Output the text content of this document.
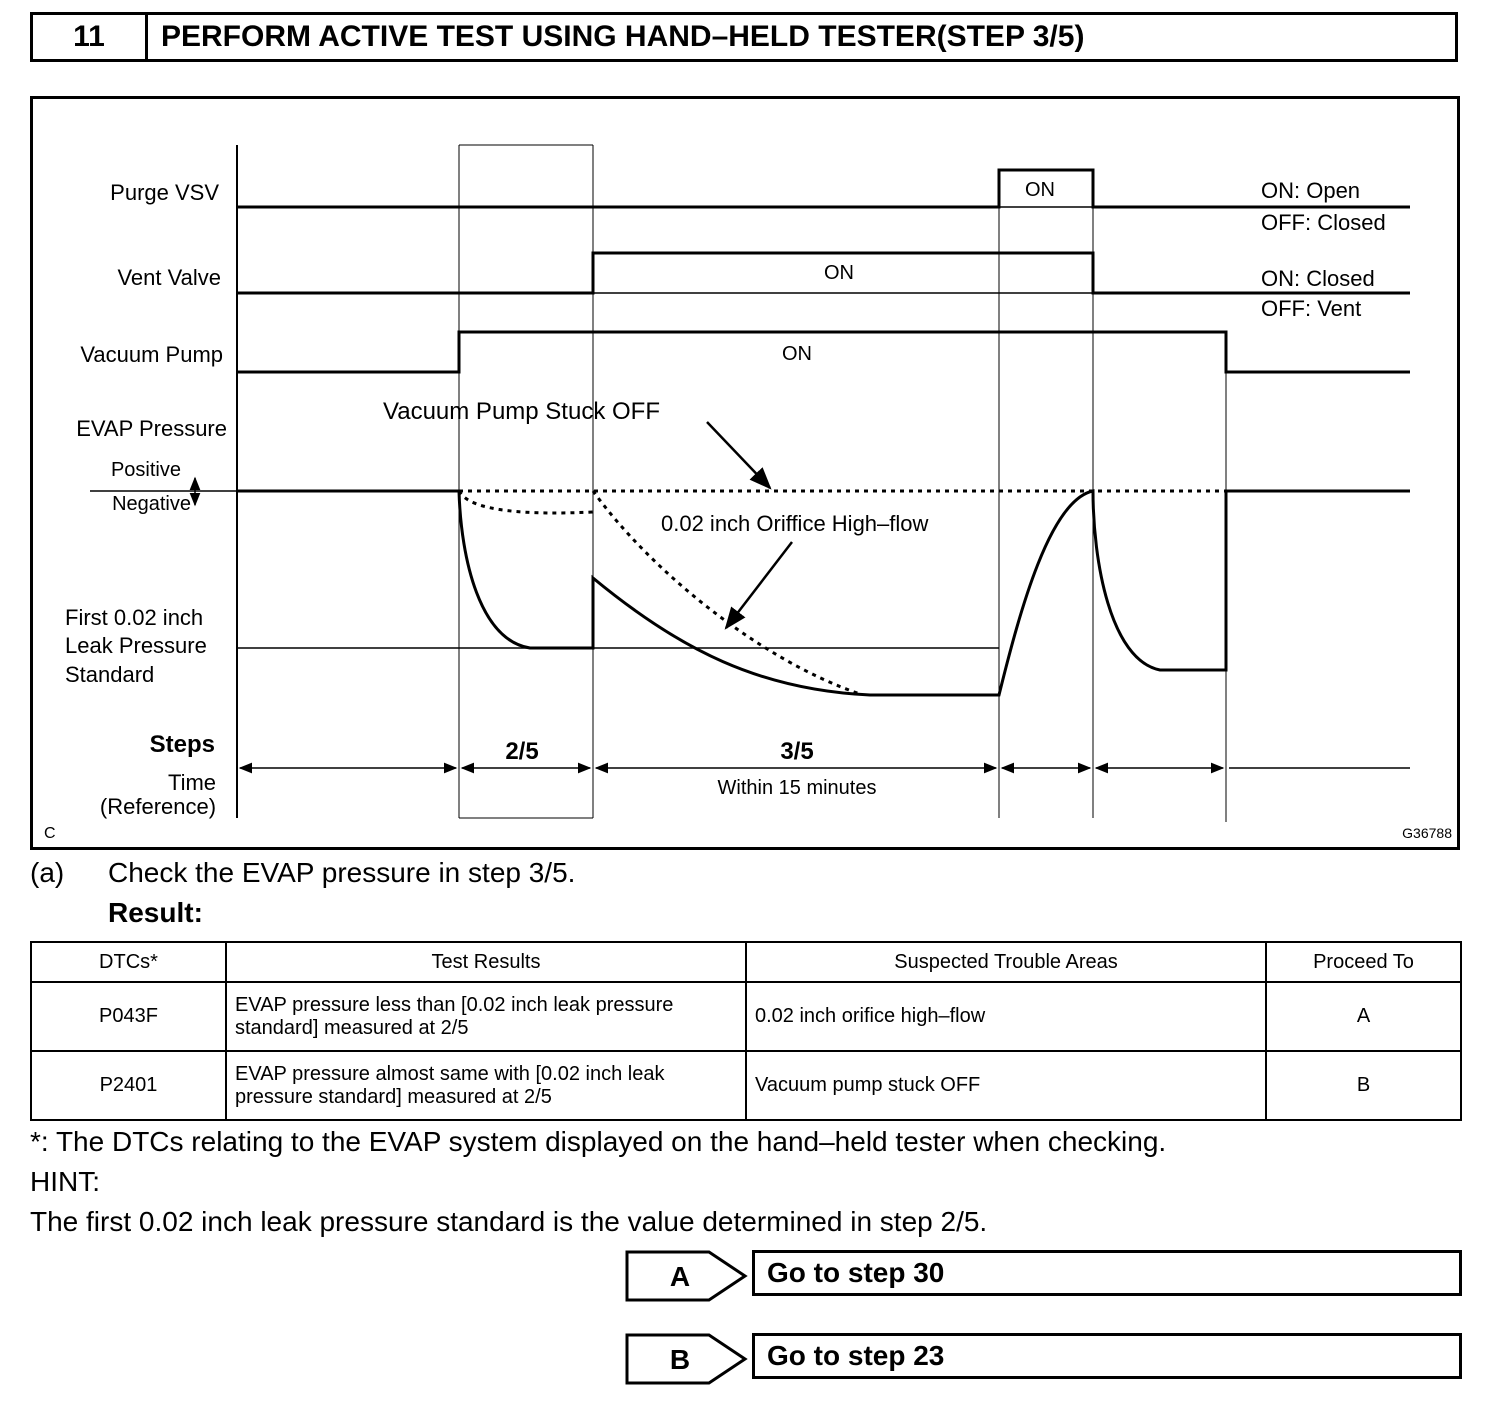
11	PERFORM ACTIVE TEST USING HAND–HELD TESTER(STEP 3/5)
Purge VSV	ON	ON: Open
OFF: Closed
Vent Valve	ON	ON: Closed
OFF: Vent
Vacuum Pump	ON
EVAP Pressure
Positive
Negative
First 0.02 inch
Leak Pressure
Standard
Vacuum Pump Stuck OFF
0.02 inch Oriffice High–flow
Steps
Time
(Reference)
2/5	3/5
Within 15 minutes
C	G36788
(a) Check the EVAP pressure in step 3/5.
Result:
DTCs*	Test Results	Suspected Trouble Areas	Proceed To
P043F	EVAP pressure less than [0.02 inch leak pressure standard] measured at 2/5	0.02 inch orifice high–flow	A
P2401	EVAP pressure almost same with [0.02 inch leak pressure standard] measured at 2/5	Vacuum pump stuck OFF	B
*: The DTCs relating to the EVAP system displayed on the hand–held tester when checking.
HINT:
The first 0.02 inch leak pressure standard is the value determined in step 2/5.
A	Go to step 30
B	Go to step 23
